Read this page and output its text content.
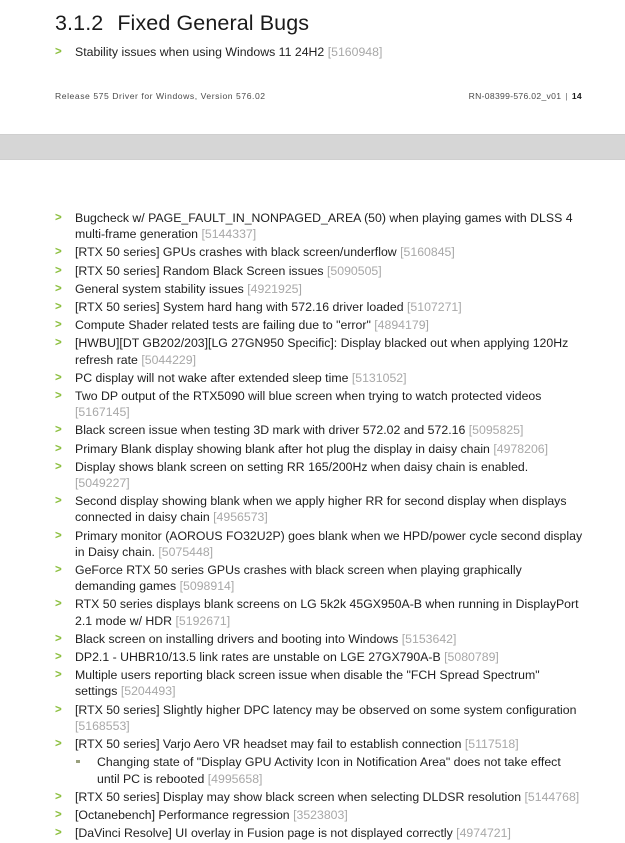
3.1.2 Fixed General Bugs
> Stability issues when using Windows 11 24H2 [5160948]
Release 575 Driver for Windows, Version 576.02	RN-08399-576.02_v01 | 14
> Bugcheck w/ PAGE_FAULT_IN_NONPAGED_AREA (50) when playing games with DLSS 4 multi-frame generation [5144337]
> [RTX 50 series] GPUs crashes with black screen/underflow [5160845]
> [RTX 50 series] Random Black Screen issues [5090505]
> General system stability issues [4921925]
> [RTX 50 series] System hard hang with 572.16 driver loaded [5107271]
> Compute Shader related tests are failing due to "error" [4894179]
> [HWBU][DT GB202/203][LG 27GN950 Specific]: Display blacked out when applying 120Hz refresh rate [5044229]
> PC display will not wake after extended sleep time [5131052]
> Two DP output of the RTX5090 will blue screen when trying to watch protected videos [5167145]
> Black screen issue when testing 3D mark with driver 572.02 and 572.16 [5095825]
> Primary Blank display showing blank after hot plug the display in daisy chain [4978206]
> Display shows blank screen on setting RR 165/200Hz when daisy chain is enabled. [5049227]
> Second display showing blank when we apply higher RR for second display when displays connected in daisy chain [4956573]
> Primary monitor (AOROUS FO32U2P) goes blank when we HPD/power cycle second display in Daisy chain. [5075448]
> GeForce RTX 50 series GPUs crashes with black screen when playing graphically demanding games [5098914]
> RTX 50 series displays blank screens on LG 5k2k 45GX950A-B when running in DisplayPort 2.1 mode w/ HDR [5192671]
> Black screen on installing drivers and booting into Windows [5153642]
> DP2.1 - UHBR10/13.5 link rates are unstable on LGE 27GX790A-B [5080789]
> Multiple users reporting black screen issue when disable the "FCH Spread Spectrum" settings [5204493]
> [RTX 50 series] Slightly higher DPC latency may be observed on some system configuration [5168553]
> [RTX 50 series] Varjo Aero VR headset may fail to establish connection [5117518]
Changing state of "Display GPU Activity Icon in Notification Area" does not take effect until PC is rebooted [4995658]
> [RTX 50 series] Display may show black screen when selecting DLDSR resolution [5144768]
> [Octanebench] Performance regression [3523803]
> [DaVinci Resolve] UI overlay in Fusion page is not displayed correctly [4974721]
